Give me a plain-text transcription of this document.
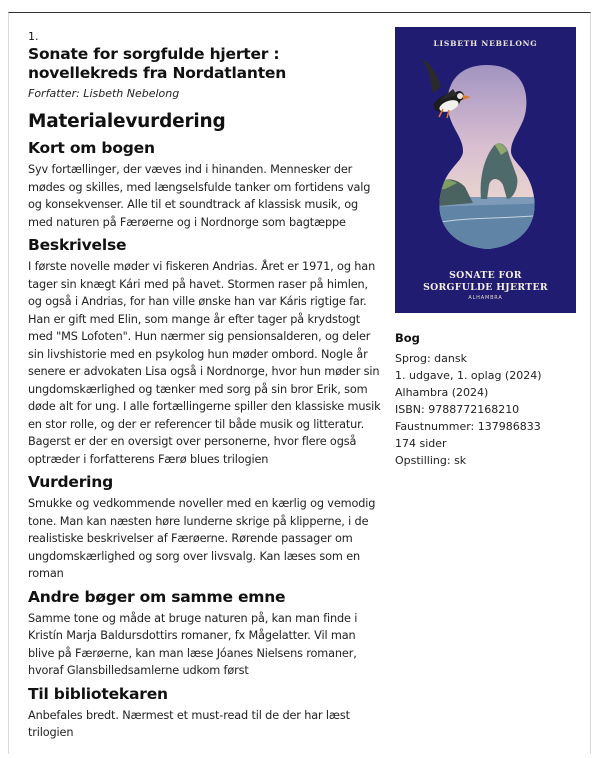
1.
Sonate for sorgfulde hjerter : novellekreds fra Nordatlanten
Forfatter: Lisbeth Nebelong
Materialevurdering
Kort om bogen

Syv fortællinger, der væves ind i hinanden. Mennesker der mødes og skilles, med længselsfulde tanker om fortidens valg og konsekvenser. Alle til et soundtrack af klassisk musik, og med naturen på Færøerne og i Nordnorge som bagtæppe

Beskrivelse

I første novelle møder vi fiskeren Andrias. Året er 1971, og han tager sin knægt Kári med på havet. Stormen raser på himlen, og også i Andrias, for han ville ønske han var Káris rigtige far. Han er gift med Elin, som mange år efter tager på krydstogt med "MS Lofoten". Hun nærmer sig pensionsalderen, og deler sin livshistorie med en psykolog hun møder ombord. Nogle år senere er advokaten Lisa også i Nordnorge, hvor hun møder sin ungdomskærlighed og tænker med sorg på sin bror Erik, som døde alt for ung. I alle fortællingerne spiller den klassiske musik en stor rolle, og der er referencer til både musik og litteratur. Bagerst er der en oversigt over personerne, hvor flere også optræder i forfatterens Færø blues trilogien

Vurdering

Smukke og vedkommende noveller med en kærlig og vemodig tone. Man kan næsten høre lunderne skrige på klipperne, i de realistiske beskrivelser af Færøerne. Rørende passager om ungdomskærlighed og sorg over livsvalg. Kan læses som en roman

Andre bøger om samme emne

Samme tone og måde at bruge naturen på, kan man finde i Kristín Marja Baldursdottirs romaner, fx Mågelatter. Vil man blive på Færøerne, kan man læse Jóanes Nielsens romaner, hvoraf Glansbilledsamlerne udkom først

Til bibliotekaren

Anbefales bredt. Nærmest et must-read til de der har læst trilogien

LISBETH NEBELONG
SONATE FOR
SORGFULDE HJERTER
ALHAMBRA
Bog
Sprog: dansk
1. udgave, 1. oplag (2024)
Alhambra (2024)
ISBN: 9788772168210
Faustnummer: 137986833
174 sider
Opstilling: sk
